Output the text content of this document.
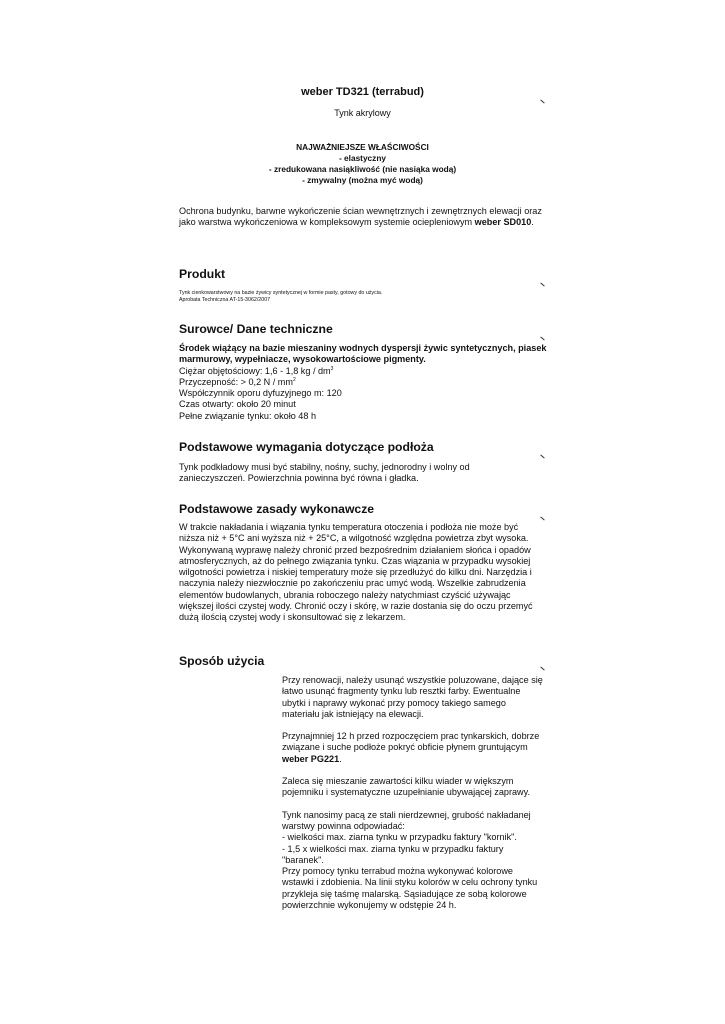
weber TD321 (terrabud)
Tynk akrylowy
NAJWAŻNIEJSZE WŁAŚCIWOŚCI
- elastyczny
- zredukowana nasiąkliwość (nie nasiąka wodą)
- zmywalny (można myć wodą)
Ochrona budynku, barwne wykończenie ścian wewnętrznych i zewnętrznych elewacji oraz jako warstwa wykończeniowa w kompleksowym systemie ociepleniowym weber SD010.
Produkt
Tynk cienkowarstwowy na bazie żywicy syntetycznej w formie pasty, gotowy do użycia.
Aprobata Techniczna AT-15-3062/2007
Surowce/ Dane techniczne
Środek wiążący na bazie mieszaniny wodnych dyspersji żywic syntetycznych, piasek marmurowy, wypełniacze, wysokowartościowe pigmenty.
Ciężar objętościowy: 1,6 - 1,8 kg / $dm^3$
Przyczepność: > 0,2 N / $mm^2$
Współczynnik oporu dyfuzyjnego m: 120
Czas otwarty: około 20 minut
Pełne związanie tynku: około 48 h
Podstawowe wymagania dotyczące podłoża
Tynk podkładowy musi być stabilny, nośny, suchy, jednorodny i wolny od zanieczyszczeń. Powierzchnia powinna być równa i gładka.
Podstawowe zasady wykonawcze
W trakcie nakładania i wiązania tynku temperatura otoczenia i podłoża nie może być niższa niż + 5°C ani wyższa niż + 25°C, a wilgotność względna powietrza zbyt wysoka. Wykonywaną wyprawę należy chronić przed bezpośrednim działaniem słońca i opadów atmosferycznych, aż do pełnego związania tynku. Czas wiązania w przypadku wysokiej wilgotności powietrza i niskiej temperatury może się przedłużyć do kilku dni. Narzędzia i naczynia należy niezwłocznie po zakończeniu prac umyć wodą. Wszelkie zabrudzenia elementów budowlanych, ubrania roboczego należy natychmiast czyścić używając większej ilości czystej wody. Chronić oczy i skórę, w razie dostania się do oczu przemyć dużą ilością czystej wody i skonsultować się z lekarzem.
Sposób użycia
Przy renowacji, należy usunąć wszystkie poluzowane, dające się łatwo usunąć fragmenty tynku lub resztki farby. Ewentualne ubytki i naprawy wykonać przy pomocy takiego samego materiału jak istniejący na elewacji.
Przynajmniej 12 h przed rozpoczęciem prac tynkarskich, dobrze związane i suche podłoże pokryć obficie płynem gruntującym weber PG221.
Zaleca się mieszanie zawartości kilku wiader w większym pojemniku i systematyczne uzupełnianie ubywającej zaprawy.
Tynk nanosimy pacą ze stali nierdzewnej, grubość nakładanej warstwy powinna odpowiadać:
- wielkości max. ziarna tynku w przypadku faktury "kornik".
- 1,5 x wielkości max. ziarna tynku w przypadku faktury "baranek".
Przy pomocy tynku terrabud można wykonywać kolorowe wstawki i zdobienia. Na linii styku kolorów w celu ochrony tynku przykleja się taśmę malarską. Sąsiadujące ze sobą kolorowe powierzchnie wykonujemy w odstępie 24 h.
